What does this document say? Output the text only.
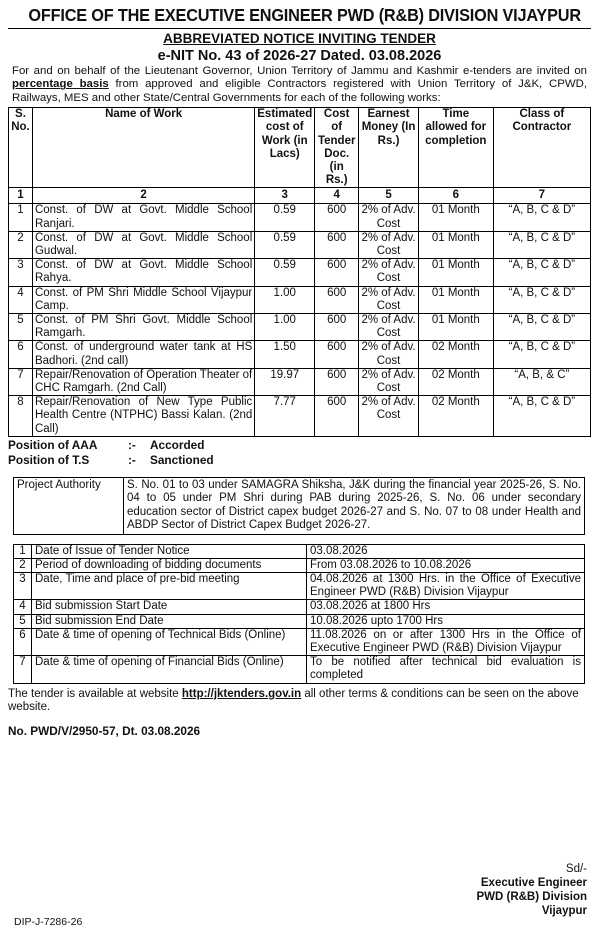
OFFICE OF THE EXECUTIVE ENGINEER PWD (R&B) DIVISION VIJAYPUR
ABBREVIATED NOTICE INVITING TENDER
e-NIT No. 43 of 2026-27 Dated. 03.08.2026
For and on behalf of the Lieutenant Governor, Union Territory of Jammu and Kashmir e-tenders are invited on percentage basis from approved and eligible Contractors registered with Union Territory of J&K, CPWD, Railways, MES and other State/Central Governments for each of the following works:
S. No.	Name of Work	Estimated cost of Work (in Lacs)	Cost of Tender Doc. (in Rs.)	Earnest Money (In Rs.)	Time allowed for completion	Class of Contractor
1	2	3	4	5	6	7
1	Const. of DW at Govt. Middle School Ranjari.	0.59	600	2% of Adv. Cost	01 Month	“A, B, C & D”
2	Const. of DW at Govt. Middle School Gudwal.	0.59	600	2% of Adv. Cost	01 Month	“A, B, C & D”
3	Const. of DW at Govt. Middle School Rahya.	0.59	600	2% of Adv. Cost	01 Month	“A, B, C & D”
4	Const. of PM Shri Middle School Vijaypur Camp.	1.00	600	2% of Adv. Cost	01 Month	“A, B, C & D”
5	Const. of PM Shri Govt. Middle School Ramgarh.	1.00	600	2% of Adv. Cost	01 Month	“A, B, C & D”
6	Const. of underground water tank at HS Badhori. (2nd call)	1.50	600	2% of Adv. Cost	02 Month	“A, B, C & D”
7	Repair/Renovation of Operation Theater of CHC Ramgarh. (2nd Call)	19.97	600	2% of Adv. Cost	02 Month	“A, B, & C”
8	Repair/Renovation of New Type Public Health Centre (NTPHC) Bassi Kalan. (2nd Call)	7.77	600	2% of Adv. Cost	02 Month	“A, B, C & D”
Position of AAA	:- Accorded
Position of T.S	:- Sanctioned
Project Authority	S. No. 01 to 03 under SAMAGRA Shiksha, J&K during the financial year 2025-26, S. No. 04 to 05 under PM Shri during PAB during 2025-26, S. No. 06 under secondary education sector of District capex budget 2026-27 and S. No. 07 to 08 under Health and ABDP Sector of District Capex Budget 2026-27.
1	Date of Issue of Tender Notice	03.08.2026
2	Period of downloading of bidding documents	From 03.08.2026 to 10.08.2026
3	Date, Time and place of pre-bid meeting	04.08.2026 at 1300 Hrs. in the Office of Executive Engineer PWD (R&B) Division Vijaypur
4	Bid submission Start Date	03.08.2026 at 1800 Hrs
5	Bid submission End Date	10.08.2026 upto 1700 Hrs
6	Date & time of opening of Technical Bids (Online)	11.08.2026 on or after 1300 Hrs in the Office of Executive Engineer PWD (R&B) Division Vijaypur
7	Date & time of opening of Financial Bids (Online)	To be notified after technical bid evaluation is completed
The tender is available at website http://jktenders.gov.in all other terms & conditions can be seen on the above website.
No. PWD/V/2950-57, Dt. 03.08.2026
Sd/-
Executive Engineer
PWD (R&B) Division
Vijaypur
DIP-J-7286-26
